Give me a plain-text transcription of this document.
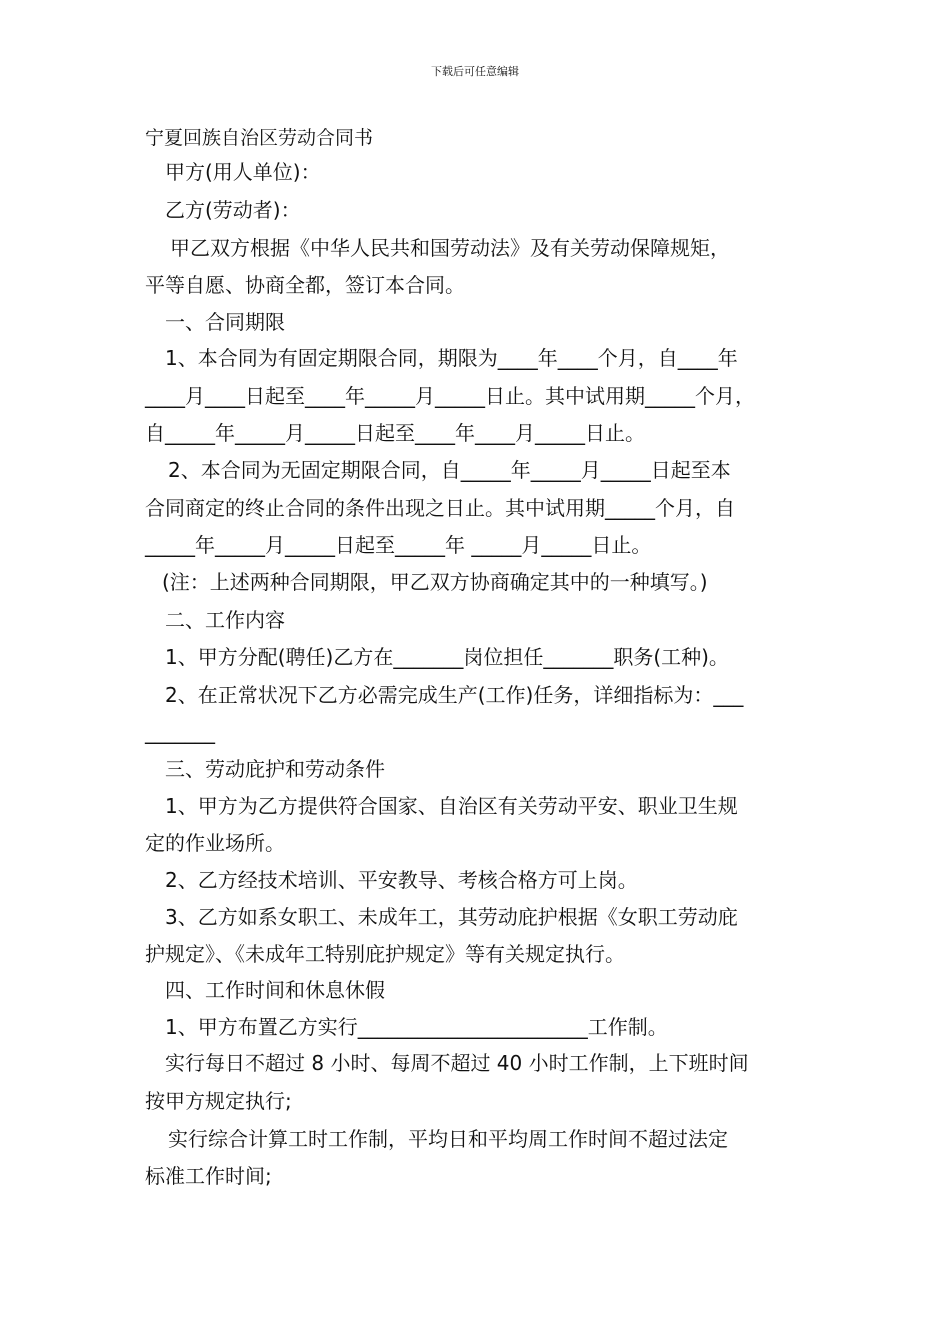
下载后可任意编辑
宁夏回族自治区劳动合同书
甲方(用人单位)：
乙方(劳动者)：
甲乙双方根据《中华人民共和国劳动法》及有关劳动保障规矩，
平等自愿、协商全都，签订本合同。
一、合同期限
1、本合同为有固定期限合同，期限为____年____个月，自____年
____月____日起至____年_____月_____日止。其中试用期_____个月，
自_____年_____月_____日起至____年____月_____日止。
2、本合同为无固定期限合同，自_____年_____月_____日起至本
合同商定的终止合同的条件出现之日止。其中试用期_____个月，自
_____年_____月_____日起至_____年 _____月_____日止。
(注：上述两种合同期限，甲乙双方协商确定其中的一种填写。)
二、工作内容
1、甲方分配(聘任)乙方在_______岗位担任_______职务(工种)。
2、在正常状况下乙方必需完成生产(工作)任务，详细指标为：___
_______
三、劳动庇护和劳动条件
1、甲方为乙方提供符合国家、自治区有关劳动平安、职业卫生规
定的作业场所。
2、乙方经技术培训、平安教导、考核合格方可上岗。
3、乙方如系女职工、未成年工，其劳动庇护根据《女职工劳动庇
护规定》、《未成年工特别庇护规定》等有关规定执行。
四、工作时间和休息休假
1、甲方布置乙方实行_______________________工作制。
实行每日不超过 8 小时、每周不超过 40 小时工作制，上下班时间
按甲方规定执行;
实行综合计算工时工作制，平均日和平均周工作时间不超过法定
标准工作时间;
